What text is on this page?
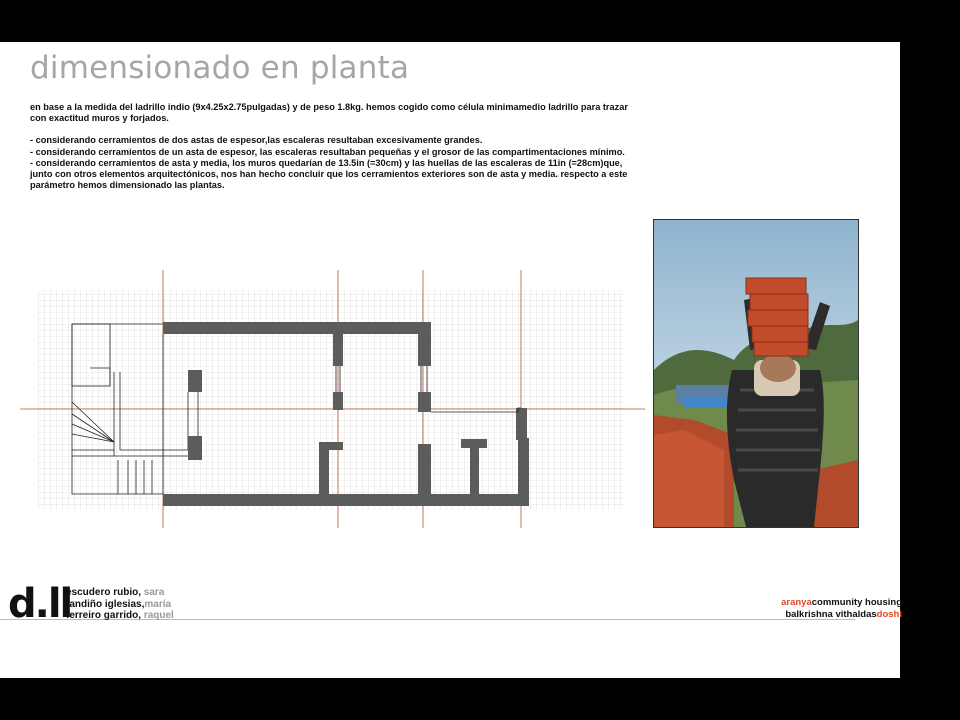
dimensionado en planta

en base a la medida del ladrillo indio (9x4.25x2.75pulgadas) y de peso 1.8kg. hemos cogido como célula minimamedio ladrillo para trazar con exactitud muros y forjados.

- considerando cerramientos de dos astas de espesor,las escaleras resultaban excesivamente grandes.

- considerando cerramientos de un asta de espesor, las escaleras resultaban pequeñas y el grosor de las compartimentaciones mínimo.

- considerando cerramientos de asta y media, los muros quedarían de 13.5in (=30cm) y las huellas de las escaleras de 11in (=28cm)que, junto con otros elementos arquitectónicos, nos han hecho concluir que los cerramientos exteriores son de asta y media. respecto a este parámetro hemos dimensionado las plantas.

d.ll
escudero rubio, sara
fandiño iglesias,maría
ferreiro garrido, raquel
aranyacommunity housing
balkrishna vithaldasdoshi
